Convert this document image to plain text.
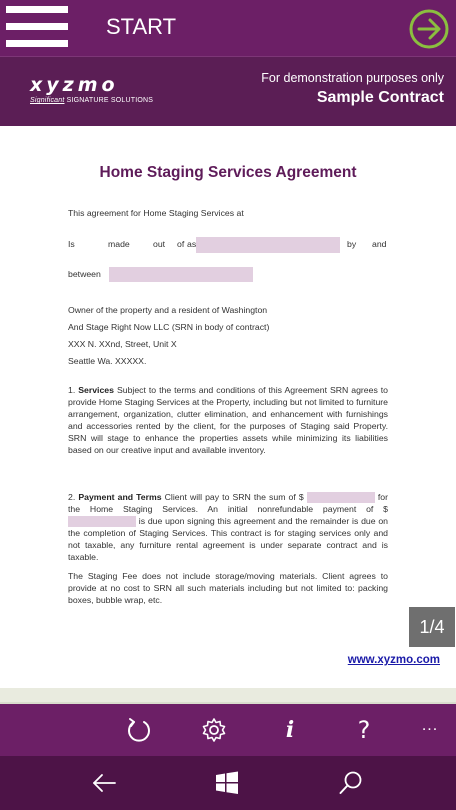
START
xyzmo
Significant SIGNATURE SOLUTIONS
For demonstration purposes only
Sample Contract
Home Staging Services Agreement
This agreement for Home Staging Services at
Is	made	out	as
of	by and
between
Owner of the property and a resident of Washington
And Stage Right Now LLC (SRN in body of contract)
XXX N. XXnd, Street, Unit X
Seattle Wa. XXXXX.
1. Services Subject to the terms and conditions of this Agreement SRN agrees to provide Home Staging Services at the Property, including but not limited to furniture arrangement, organization, clutter elimination, and enhancement with furnishings and accessories rented by the client, for the purposes of Staging said Property. SRN will stage to enhance the properties assets while minimizing its liabilities based on our creative input and available inventory.
2. Payment and Terms Client will pay to SRN the sum of $	for the Home Staging Services. An initial nonrefundable payment of $  is due upon signing this agreement and the remainder is due on the completion of Staging Services. This contract is for staging services only and not taxable, any furniture rental agreement is under separate contract and is taxable.
The Staging Fee does not include storage/moving materials. Client agrees to provide at no cost to SRN all such materials including but not limited to: packing boxes, bubble wrap, etc.
1/4
www.xyzmo.com
i	?	...
